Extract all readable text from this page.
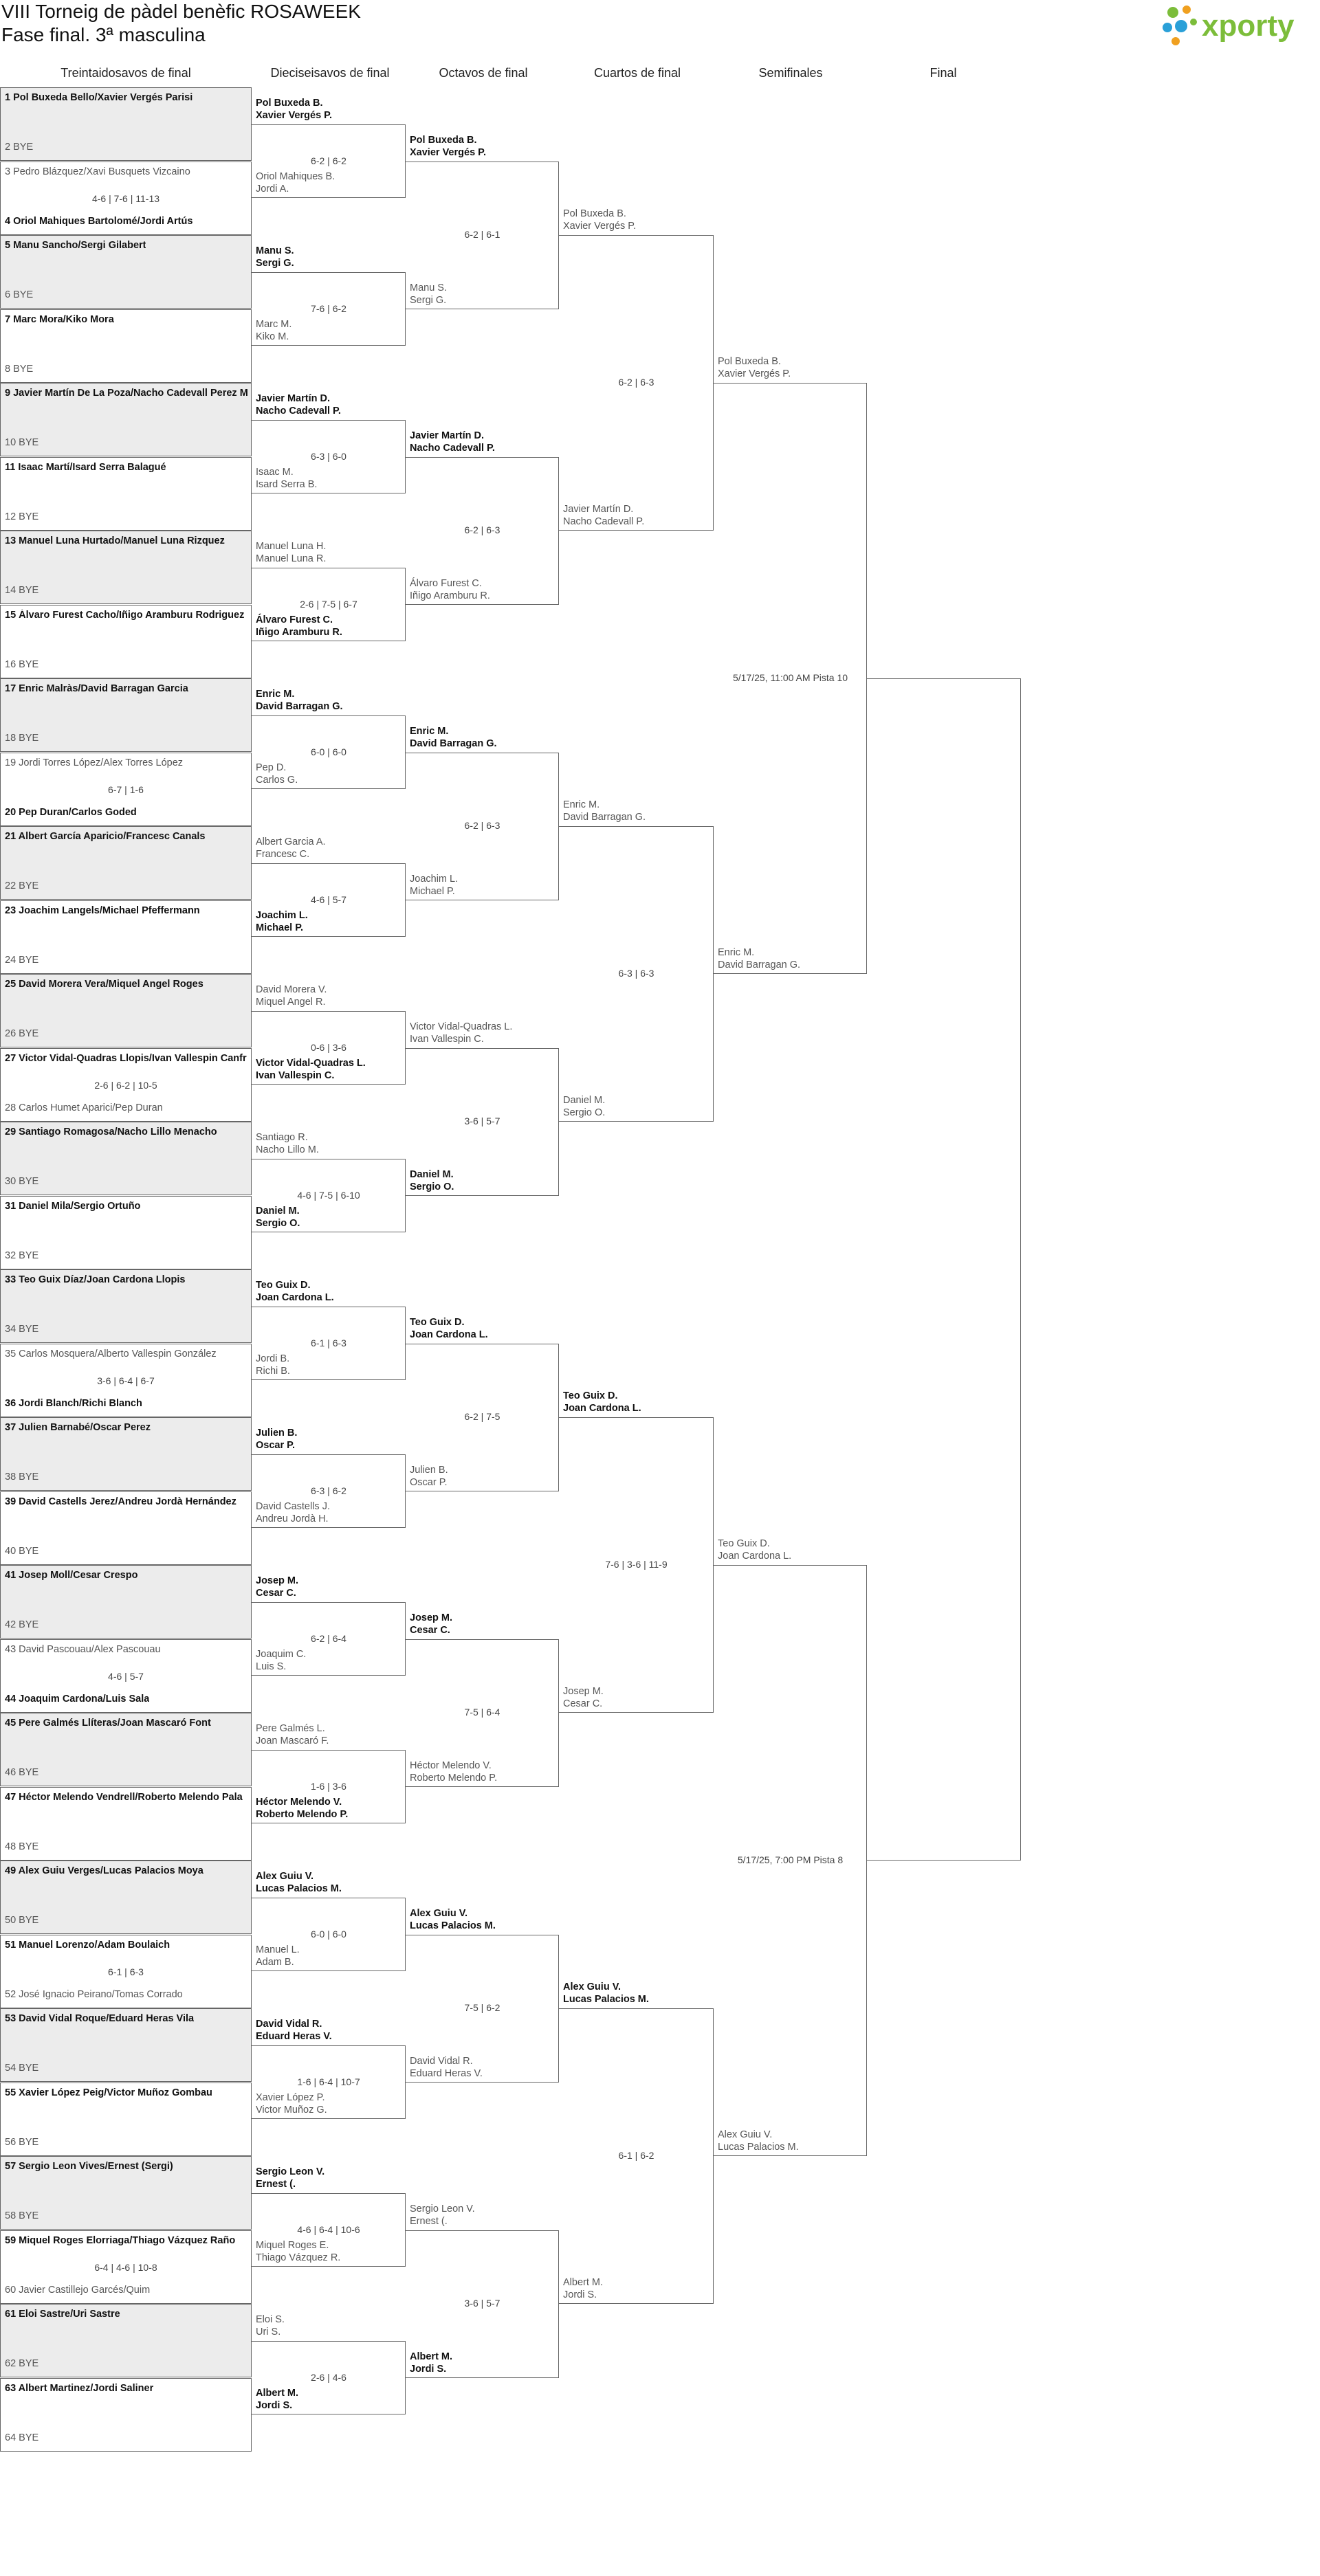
VIII Torneig de pàdel benèfic ROSAWEEK
Fase final. 3ª masculina	xporty
Treintaidosavos de final	Dieciseisavos de final	Octavos de final	Cuartos de final	Semifinales	Final
1 Pol Buxeda Bello/Xavier Vergés Parisi
2 BYE
3 Pedro Blázquez/Xavi Busquets Vizcaino
4 Oriol Mahiques Bartolomé/Jordi Artús
4-6 | 7-6 | 11-13
5 Manu Sancho/Sergi Gilabert
6 BYE
7 Marc Mora/Kiko Mora
8 BYE
9 Javier Martín De La Poza/Nacho Cadevall Perez M
10 BYE
11 Isaac Martí/Isard Serra Balagué
12 BYE
13 Manuel Luna Hurtado/Manuel Luna Rizquez
14 BYE
15 Álvaro Furest Cacho/Iñigo Aramburu Rodriguez
16 BYE
17 Enric Malràs/David Barragan Garcia
18 BYE
19 Jordi Torres López/Alex Torres López
20 Pep Duran/Carlos Goded
6-7 | 1-6
21 Albert García Aparicio/Francesc Canals
22 BYE
23 Joachim Langels/Michael Pfeffermann
24 BYE
25 David Morera Vera/Miquel Angel Roges
26 BYE
27 Victor Vidal-Quadras Llopis/Ivan Vallespin Canfr
28 Carlos Humet Aparici/Pep Duran
2-6 | 6-2 | 10-5
29 Santiago Romagosa/Nacho Lillo Menacho
30 BYE
31 Daniel Mila/Sergio Ortuño
32 BYE
33 Teo Guix Díaz/Joan Cardona Llopis
34 BYE
35 Carlos Mosquera/Alberto Vallespin González
36 Jordi Blanch/Richi Blanch
3-6 | 6-4 | 6-7
37 Julien Barnabé/Oscar Perez
38 BYE
39 David Castells Jerez/Andreu Jordà Hernández
40 BYE
41 Josep Moll/Cesar Crespo
42 BYE
43 David Pascouau/Alex Pascouau
44 Joaquim Cardona/Luis Sala
4-6 | 5-7
45 Pere Galmés Llíteras/Joan Mascaró Font
46 BYE
47 Héctor Melendo Vendrell/Roberto Melendo Pala
48 BYE
49 Alex Guiu Verges/Lucas Palacios Moya
50 BYE
51 Manuel Lorenzo/Adam Boulaich
52 José Ignacio Peirano/Tomas Corrado
6-1 | 6-3
53 David Vidal Roque/Eduard Heras Vila
54 BYE
55 Xavier López Peig/Victor Muñoz Gombau
56 BYE
57 Sergio Leon Vives/Ernest (Sergi)
58 BYE
59 Miquel Roges Elorriaga/Thiago Vázquez Raño
60 Javier Castillejo Garcés/Quim
6-4 | 4-6 | 10-8
61 Eloi Sastre/Uri Sastre
62 BYE
63 Albert Martinez/Jordi Saliner
64 BYE
Pol Buxeda B.
Xavier Vergés P.
Oriol Mahiques B.
Jordi A.
6-2 | 6-2
Manu S.
Sergi G.
Marc M.
Kiko M.
7-6 | 6-2
Javier Martín D.
Nacho Cadevall P.
Isaac M.
Isard Serra B.
6-3 | 6-0
Manuel Luna H.
Manuel Luna R.
Álvaro Furest C.
Iñigo Aramburu R.
2-6 | 7-5 | 6-7
Enric M.
David Barragan G.
Pep D.
Carlos G.
6-0 | 6-0
Albert Garcia A.
Francesc C.
Joachim L.
Michael P.
4-6 | 5-7
David Morera V.
Miquel Angel R.
Victor Vidal-Quadras L.
Ivan Vallespin C.
0-6 | 3-6
Santiago R.
Nacho Lillo M.
Daniel M.
Sergio O.
4-6 | 7-5 | 6-10
Teo Guix D.
Joan Cardona L.
Jordi B.
Richi B.
6-1 | 6-3
Julien B.
Oscar P.
David Castells J.
Andreu Jordà H.
6-3 | 6-2
Josep M.
Cesar C.
Joaquim C.
Luis S.
6-2 | 6-4
Pere Galmés L.
Joan Mascaró F.
Héctor Melendo V.
Roberto Melendo P.
1-6 | 3-6
Alex Guiu V.
Lucas Palacios M.
Manuel L.
Adam B.
6-0 | 6-0
David Vidal R.
Eduard Heras V.
Xavier López P.
Victor Muñoz G.
1-6 | 6-4 | 10-7
Sergio Leon V.
Ernest (.
Miquel Roges E.
Thiago Vázquez R.
4-6 | 6-4 | 10-6
Eloi S.
Uri S.
Albert M.
Jordi S.
2-6 | 4-6
Pol Buxeda B.
Xavier Vergés P.
Manu S.
Sergi G.
6-2 | 6-1
Javier Martín D.
Nacho Cadevall P.
Álvaro Furest C.
Iñigo Aramburu R.
6-2 | 6-3
Enric M.
David Barragan G.
Joachim L.
Michael P.
6-2 | 6-3
Victor Vidal-Quadras L.
Ivan Vallespin C.
Daniel M.
Sergio O.
3-6 | 5-7
Teo Guix D.
Joan Cardona L.
Julien B.
Oscar P.
6-2 | 7-5
Josep M.
Cesar C.
Héctor Melendo V.
Roberto Melendo P.
7-5 | 6-4
Alex Guiu V.
Lucas Palacios M.
David Vidal R.
Eduard Heras V.
7-5 | 6-2
Sergio Leon V.
Ernest (.
Albert M.
Jordi S.
3-6 | 5-7
Pol Buxeda B.
Xavier Vergés P.
Javier Martín D.
Nacho Cadevall P.
6-2 | 6-3
Enric M.
David Barragan G.
Daniel M.
Sergio O.
6-3 | 6-3
Teo Guix D.
Joan Cardona L.
Josep M.
Cesar C.
7-6 | 3-6 | 11-9
Alex Guiu V.
Lucas Palacios M.
Albert M.
Jordi S.
6-1 | 6-2
Pol Buxeda B.
Xavier Vergés P.
Enric M.
David Barragan G.
5/17/25, 11:00 AM Pista 10
Teo Guix D.
Joan Cardona L.
Alex Guiu V.
Lucas Palacios M.
5/17/25, 7:00 PM Pista 8
